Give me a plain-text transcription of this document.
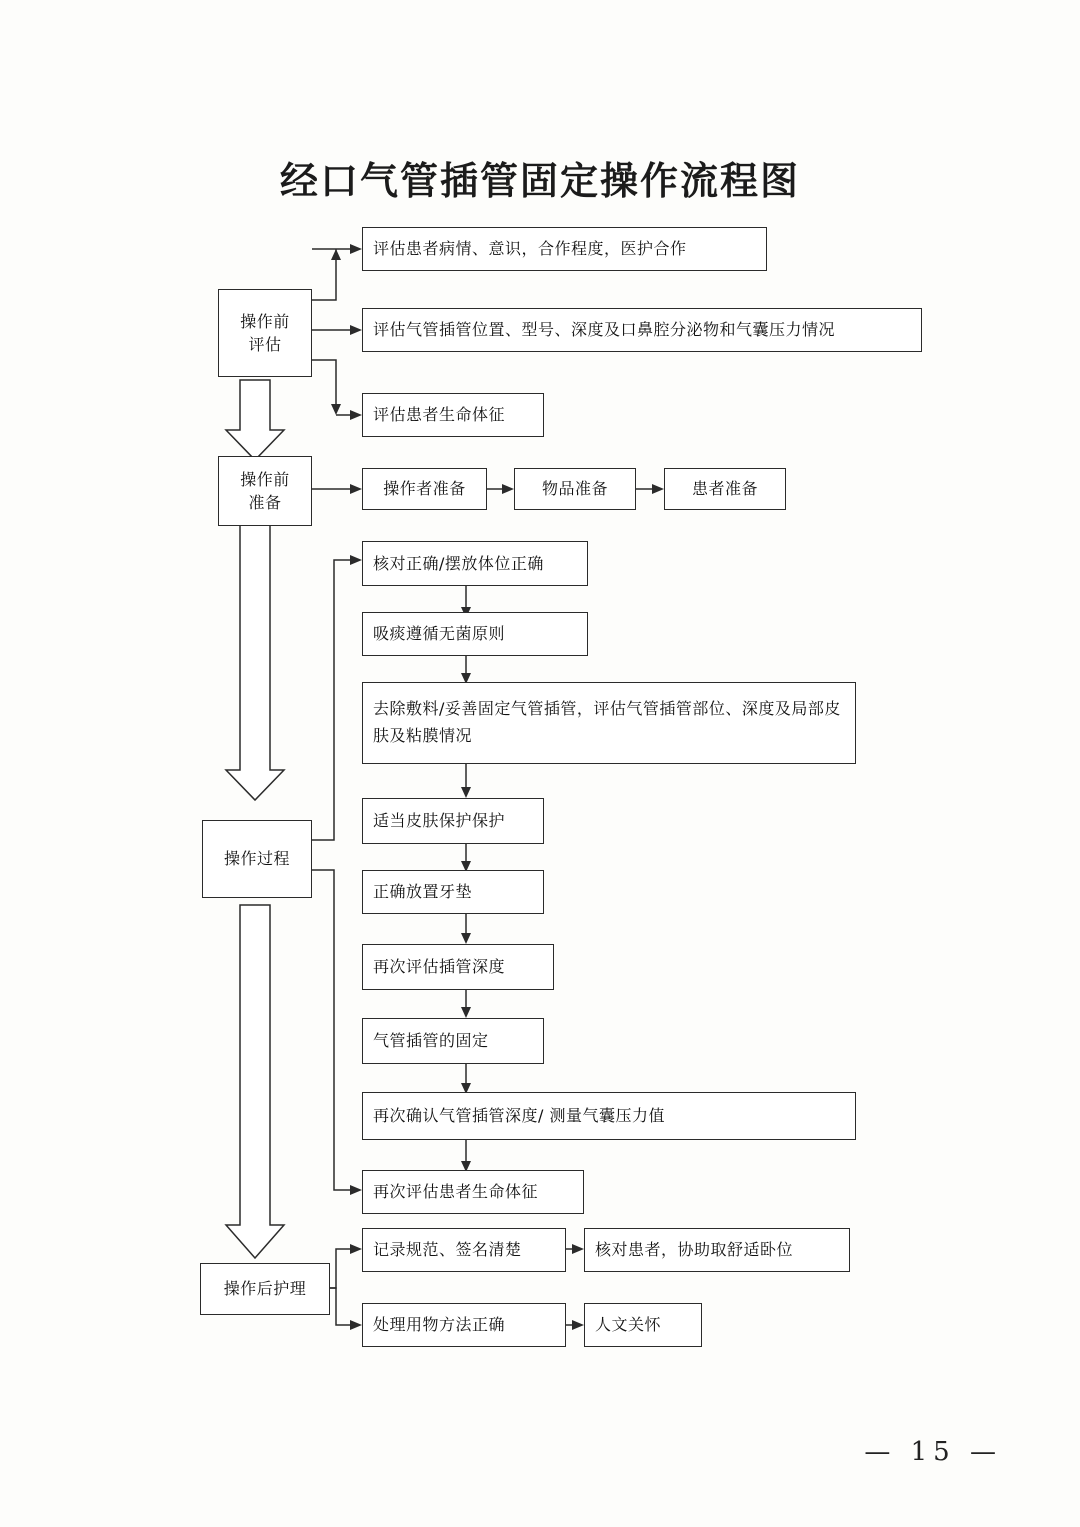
经口气管插管固定操作流程图
操作前
评估
操作前
准备
操作过程
操作后护理
评估患者病情、意识，合作程度，医护合作
评估气管插管位置、型号、深度及口鼻腔分泌物和气囊压力情况
评估患者生命体征
操作者准备	物品准备	患者准备
核对正确/摆放体位正确
吸痰遵循无菌原则
去除敷料/妥善固定气管插管，评估气管插管部位、深度及局部皮肤及粘膜情况
适当皮肤保护保护
正确放置牙垫
再次评估插管深度
气管插管的固定
再次确认气管插管深度/ 测量气囊压力值
再次评估患者生命体征
记录规范、签名清楚	核对患者，协助取舒适卧位
处理用物方法正确	人文关怀
— 15 —
